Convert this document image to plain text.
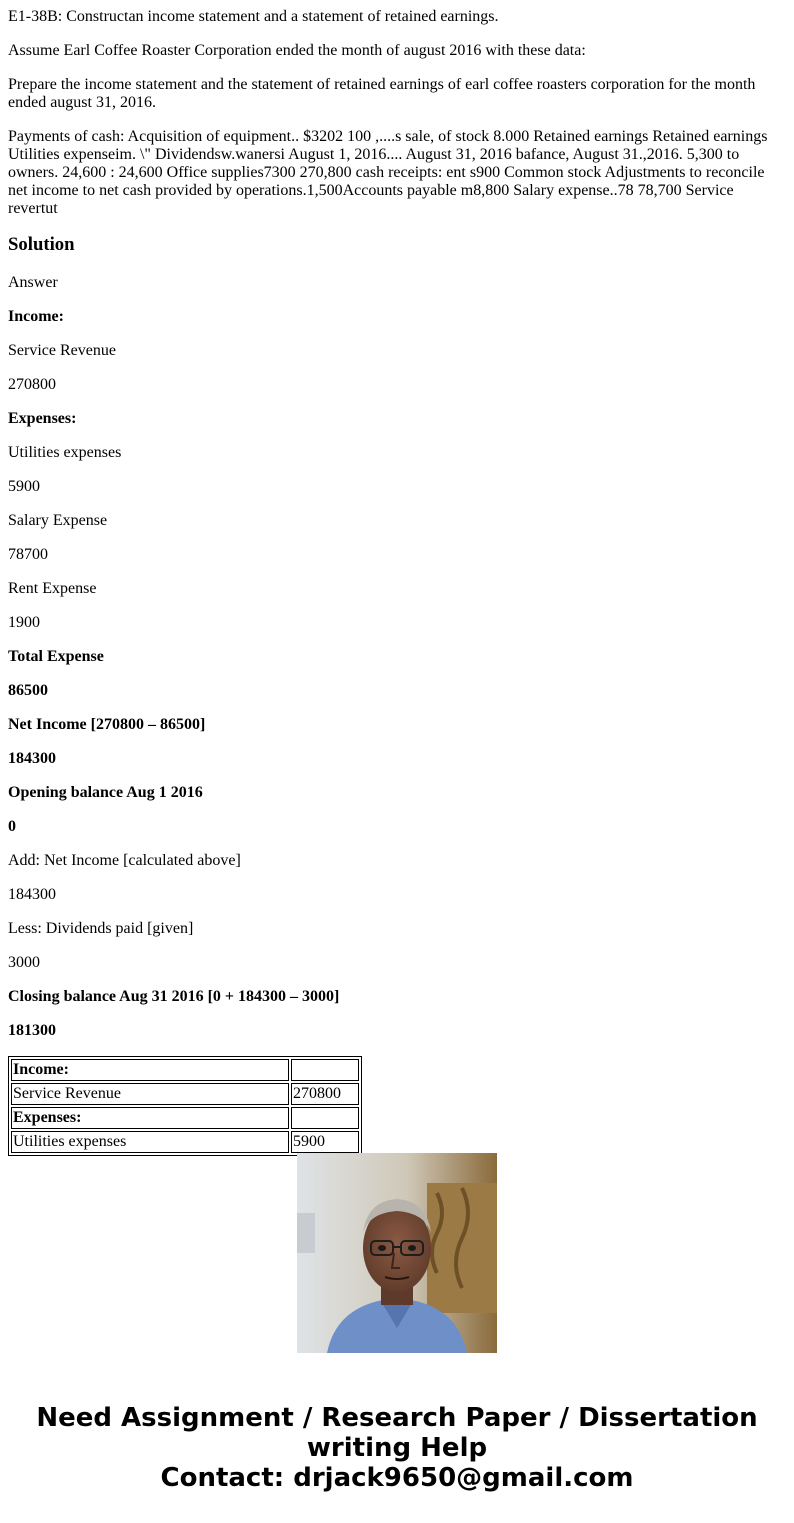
E1-38B: Constructan income statement and a statement of retained earnings.

Assume Earl Coffee Roaster Corporation ended the month of august 2016 with these data:

Prepare the income statement and the statement of retained earnings of earl coffee roasters corporation for the month ended august 31, 2016.

Payments of cash: Acquisition of equipment.. $3202 100 ,....s sale, of stock 8.000 Retained earnings Retained earnings Utilities expenseim. \" Dividendsw.wanersi August 1, 2016.... August 31, 2016 bafance, August 31.,2016. 5,300 to owners. 24,600 : 24,600 Office supplies7300 270,800 cash receipts: ent s900 Common stock Adjustments to reconcile net income to net cash provided by operations.1,500Accounts payable m8,800 Salary expense..78 78,700 Service revertut

Solution

Answer

Income:

Service Revenue

270800

Expenses:

Utilities expenses

5900

Salary Expense

78700

Rent Expense

1900

Total Expense

86500

Net Income [270800 – 86500]

184300

Opening balance Aug 1 2016

0

Add: Net Income [calculated above]

184300

Less: Dividends paid [given]

3000

Closing balance Aug 31 2016 [0 + 184300 – 3000]

181300

Income:	
Service Revenue	270800
Expenses:	
Utilities expenses	5900
Need Assignment / Research Paper / Dissertation
writing Help
Contact: drjack9650@gmail.com
